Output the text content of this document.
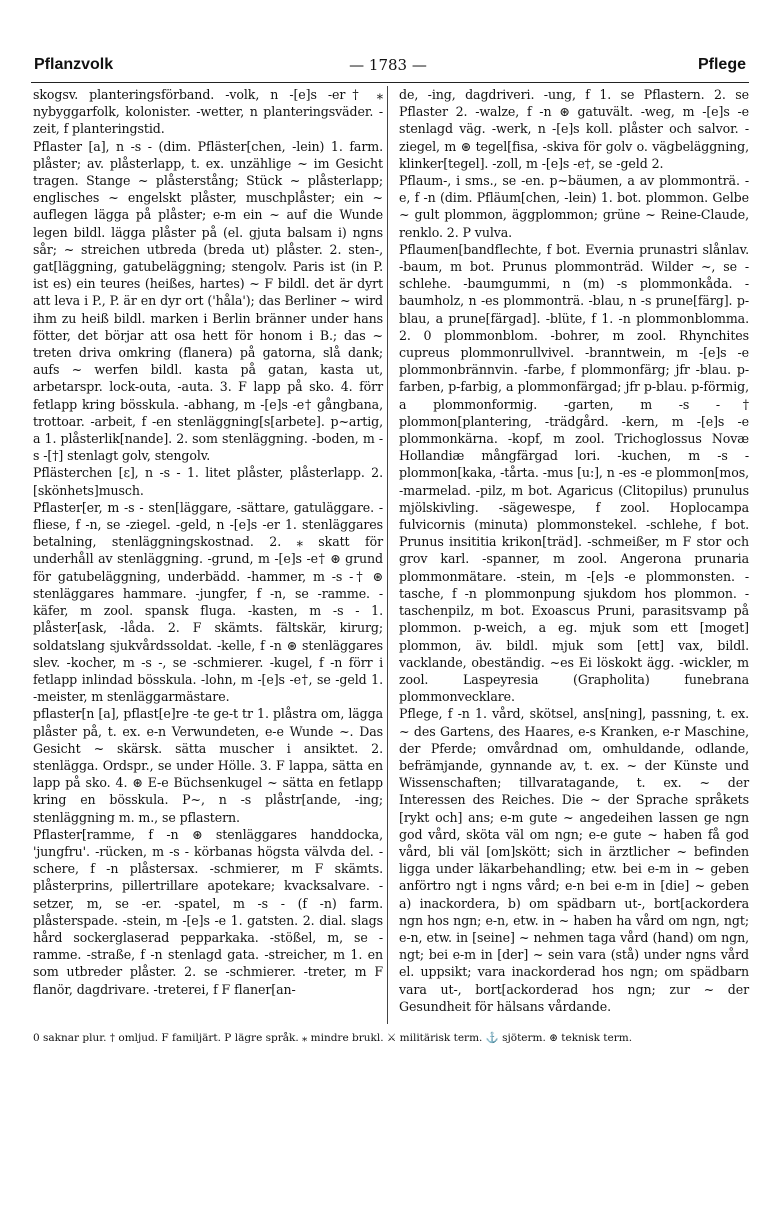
Pflanzvolk	— 1783 —	Pflege

skogsv. planteringsförband. -volk, n -[e]s -er† ⁎ nybyggarfolk, kolonister. -wetter, n planteringsväder. -zeit, f planteringstid.

Pflaster [a], n -s - (dim. Pfläster[chen, -lein) 1. farm. plåster; av. plåsterlapp, t. ex. unzählige ~ im Gesicht tragen. Stange ~ plåsterstång; Stück ~ plåsterlapp; englisches ~ engelskt plåster, muschplåster; ein ~ auflegen lägga på plåster; e-m ein ~ auf die Wunde legen bildl. lägga plåster på (el. gjuta balsam i) ngns sår; ~ streichen utbreda (breda ut) plåster. 2. sten-, gat[läggning, gatubeläggning; stengolv. Paris ist (in P. ist es) ein teures (heißes, hartes) ~ F bildl. det är dyrt att leva i P., P. är en dyr ort ('håla'); das Berliner ~ wird ihm zu heiß bildl. marken i Berlin bränner under hans fötter, det börjar att osa hett för honom i B.; das ~ treten driva omkring (flanera) på gatorna, slå dank; aufs ~ werfen bildl. kasta på gatan, kasta ut, arbetarspr. lock-outa, -auta. 3. F lapp på sko. 4. förr fetlapp kring bösskula. -abhang, m -[e]s -e† gångbana, trottoar. -arbeit, f -en stenläggning[s[arbete]. p~artig, a 1. plåsterlik[nande]. 2. som stenläggning. -boden, m -s -[†] stenlagt golv, stengolv.

Pflästerchen [ε], n -s - 1. litet plåster, plåsterlapp. 2. [skönhets]musch.

Pflaster[er, m -s - sten[läggare, -sättare, gatuläggare. -fliese, f -n, se -ziegel. -geld, n -[e]s -er 1. stenläggares betalning, stenläggningskostnad. 2. ⁎ skatt för underhåll av stenläggning. -grund, m -[e]s -e† ⊛ grund för gatubeläggning, underbädd. -hammer, m -s -† ⊛ stenläggares hammare. -jungfer, f -n, se -ramme. -käfer, m zool. spansk fluga. -kasten, m -s - 1. plåster[ask, -låda. 2. F skämts. fältskär, kirurg; soldatslang sjukvårdssoldat. -kelle, f -n ⊛ stenläggares slev. -kocher, m -s -, se -schmierer. -kugel, f -n förr i fetlapp inlindad bösskula. -lohn, m -[e]s -e†, se -geld 1. -meister, m stenläggarmästare.

pflaster[n [a], pflast[e]re -te ge-t tr 1. plåstra om, lägga plåster på, t. ex. e-n Verwundeten, e-e Wunde ~. Das Gesicht ~ skärsk. sätta muscher i ansiktet. 2. stenlägga. Ordspr., se under Hölle. 3. F lappa, sätta en lapp på sko. 4. ⊛ E-e Büchsenkugel ~ sätta en fetlapp kring en bösskula. P~, n -s plåstr[ande, -ing; stenläggning m. m., se pflastern.

Pflaster[ramme, f -n ⊛ stenläggares handdocka, 'jungfru'. -rücken, m -s - körbanas högsta välvda del. -schere, f -n plåstersax. -schmierer, m F skämts. plåsterprins, pillertrillare apotekare; kvacksalvare. -setzer, m, se -er. -spatel, m -s - (f -n) farm. plåsterspade. -stein, m -[e]s -e 1. gatsten. 2. dial. slags hård sockerglaserad pepparkaka. -stößel, m, se -ramme. -straße, f -n stenlagd gata. -streicher, m 1. en som utbreder plåster. 2. se -schmierer. -treter, m F flanör, dagdrivare. -treterei, f F flaner[an-

de, -ing, dagdriveri. -ung, f 1. se Pflastern. 2. se Pflaster 2. -walze, f -n ⊛ gatuvält. -weg, m -[e]s -e stenlagd väg. -werk, n -[e]s koll. plåster och salvor. -ziegel, m ⊛ tegel[fisa, -skiva för golv o. vägbeläggning, klinker[tegel]. -zoll, m -[e]s -e†, se -geld 2.

Pflaum-, i sms., se -en. p~bäumen, a av plommonträ. -e, f -n (dim. Pfläum[chen, -lein) 1. bot. plommon. Gelbe ~ gult plommon, äggplommon; grüne ~ Reine-Claude, renklo. 2. P vulva.

Pflaumen[bandflechte, f bot. Evernia prunastri slånlav. -baum, m bot. Prunus plommonträd. Wilder ~, se -schlehe. -baumgummi, n (m) -s plommonkåda. -baumholz, n -es plommonträ. -blau, n -s prune[färg]. p-blau, a prune[färgad]. -blüte, f 1. -n plommonblomma. 2. 0 plommonblom. -bohrer, m zool. Rhynchites cupreus plommonrullvivel. -branntwein, m -[e]s -e plommonbrännvin. -farbe, f plommonfärg; jfr -blau. p-farben, p-farbig, a plommonfärgad; jfr p-blau. p-förmig, a plommonformig. -garten, m -s -† plommon[plantering, -trädgård. -kern, m -[e]s -e plommonkärna. -kopf, m zool. Trichoglossus Novæ Hollandiæ mångfärgad lori. -kuchen, m -s - plommon[kaka, -tårta. -mus [u:], n -es -e plommon[mos, -marmelad. -pilz, m bot. Agaricus (Clitopilus) prunulus mjölskivling. -sägewespe, f zool. Hoplocampa fulvicornis (minuta) plommonstekel. -schlehe, f bot. Prunus insititia krikon[träd]. -schmeißer, m F stor och grov karl. -spanner, m zool. Angerona prunaria plommonmätare. -stein, m -[e]s -e plommonsten. -tasche, f -n plommonpung sjukdom hos plommon. -taschenpilz, m bot. Exoascus Pruni, parasitsvamp på plommon. p-weich, a eg. mjuk som ett [moget] plommon, äv. bildl. mjuk som [ett] vax, bildl. vacklande, obeständig. ~es Ei löskokt ägg. -wickler, m zool. Laspeyresia (Grapholita) funebrana plommonvecklare.

Pflege, f -n 1. vård, skötsel, ans[ning], passning, t. ex. ~ des Gartens, des Haares, e-s Kranken, e-r Maschine, der Pferde; omvårdnad om, omhuldande, odlande, befrämjande, gynnande av, t. ex. ~ der Künste und Wissenschaften; tillvaratagande, t. ex. ~ der Interessen des Reiches. Die ~ der Sprache språkets [rykt och] ans; e-m gute ~ angedeihen lassen ge ngn god vård, sköta väl om ngn; e-e gute ~ haben få god vård, bli väl [om]skött; sich in ärztlicher ~ befinden ligga under läkarbehandling; etw. bei e-m in ~ geben anförtro ngt i ngns vård; e-n bei e-m in [die] ~ geben a) inackordera, b) om spädbarn ut-, bort[ackordera ngn hos ngn; e-n, etw. in ~ haben ha vård om ngn, ngt; e-n, etw. in [seine] ~ nehmen taga vård (hand) om ngn, ngt; bei e-m in [der] ~ sein vara (stå) under ngns vård el. uppsikt; vara inackorderad hos ngn; om spädbarn vara ut-, bort[ackorderad hos ngn; zur ~ der Gesundheit för hälsans vårdande.

0 saknar plur. † omljud. F familjärt. P lägre språk. ⁎ mindre brukl. ⚔ militärisk term. ⚓ sjöterm. ⊛ teknisk term.
